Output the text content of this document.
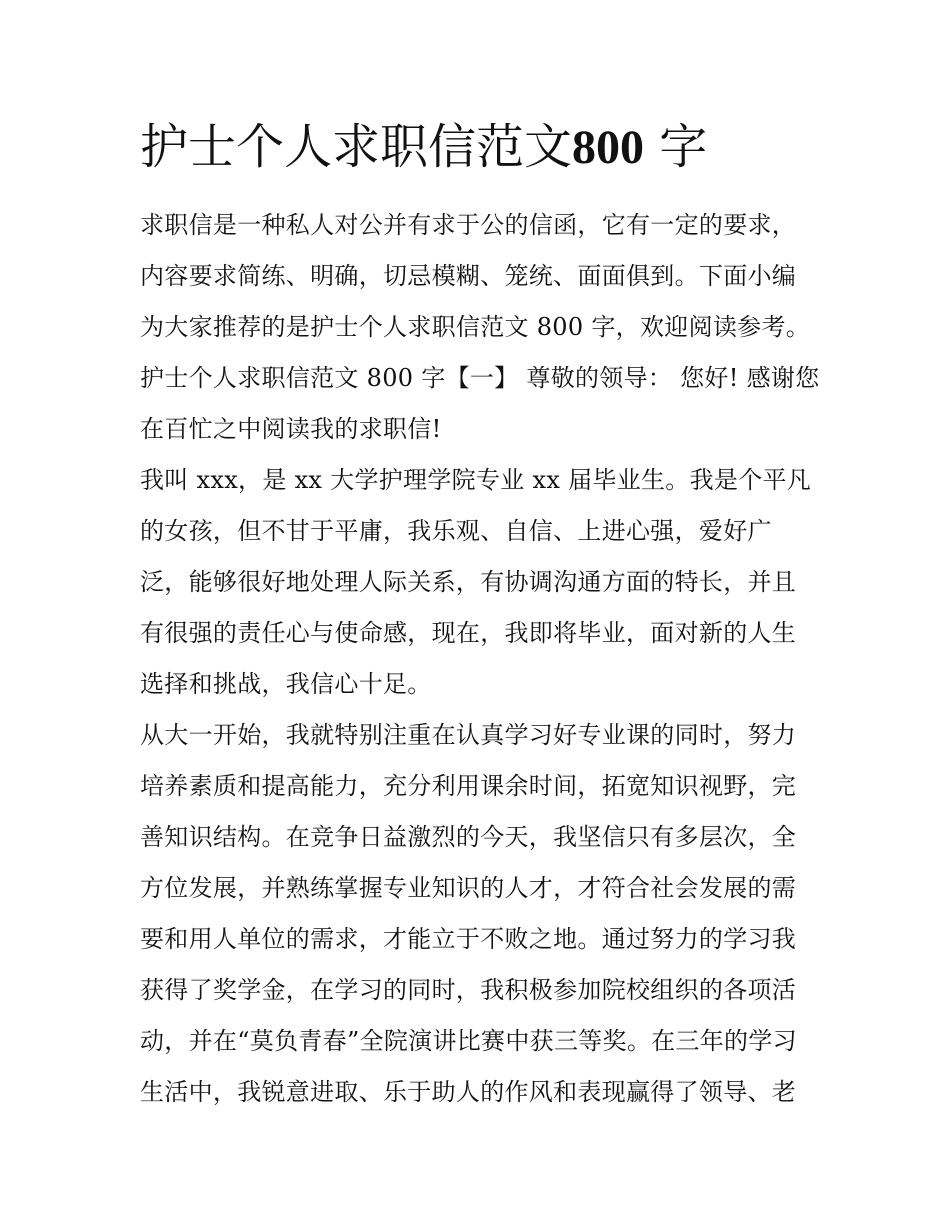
护士个人求职信范文800 字
求职信是一种私人对公并有求于公的信函，它有一定的要求，
内容要求简练、明确，切忌模糊、笼统、面面俱到。下面小编
为大家推荐的是护士个人求职信范文 800 字，欢迎阅读参考。
护士个人求职信范文 800 字【一】 尊敬的领导： 您好! 感谢您
在百忙之中阅读我的求职信!
我叫 xxx，是 xx 大学护理学院专业 xx 届毕业生。我是个平凡
的女孩，但不甘于平庸，我乐观、自信、上进心强，爱好广
泛，能够很好地处理人际关系，有协调沟通方面的特长，并且
有很强的责任心与使命感，现在，我即将毕业，面对新的人生
选择和挑战，我信心十足。
从大一开始，我就特别注重在认真学习好专业课的同时，努力
培养素质和提高能力，充分利用课余时间，拓宽知识视野，完
善知识结构。在竞争日益激烈的今天，我坚信只有多层次，全
方位发展，并熟练掌握专业知识的人才，才符合社会发展的需
要和用人单位的需求，才能立于不败之地。通过努力的学习我
获得了奖学金，在学习的同时，我积极参加院校组织的各项活
动，并在“莫负青春”全院演讲比赛中获三等奖。在三年的学习
生活中，我锐意进取、乐于助人的作风和表现赢得了领导、老
